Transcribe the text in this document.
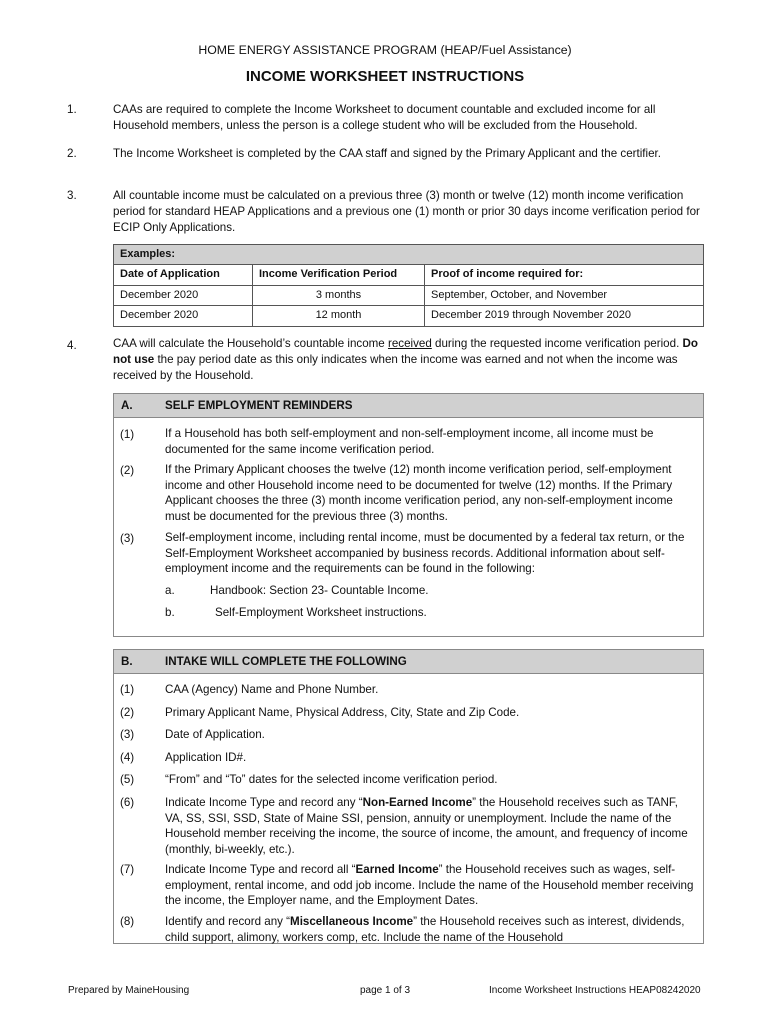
HOME ENERGY ASSISTANCE PROGRAM (HEAP/Fuel Assistance)
INCOME WORKSHEET INSTRUCTIONS
1.	CAAs are required to complete the Income Worksheet to document countable and excluded income for all Household members, unless the person is a college student who will be excluded from the Household.
2.	The Income Worksheet is completed by the CAA staff and signed by the Primary Applicant and the certifier.
3.	All countable income must be calculated on a previous three (3) month or twelve (12) month income verification period for standard HEAP Applications and a previous one (1) month or prior 30 days income verification period for ECIP Only Applications.
Examples:
Date of Application	Income Verification Period	Proof of income required for:
December 2020	3 months	September, October, and November
December 2020	12 month	December 2019 through November 2020
4.	CAA will calculate the Household’s countable income received during the requested income verification period. Do not use the pay period date as this only indicates when the income was earned and not when the income was received by the Household.
A.	SELF EMPLOYMENT REMINDERS
(1)	If a Household has both self-employment and non-self-employment income, all income must be documented for the same income verification period.
(2)	If the Primary Applicant chooses the twelve (12) month income verification period, self-employment income and other Household income need to be documented for twelve (12) months. If the Primary Applicant chooses the three (3) month income verification period, any non-self-employment income must be documented for the previous three (3) months.
(3)	Self-employment income, including rental income, must be documented by a federal tax return, or the Self-Employment Worksheet accompanied by business records. Additional information about self-employment income and the requirements can be found in the following:
a.	Handbook: Section 23- Countable Income.
b.	Self-Employment Worksheet instructions.
B.	INTAKE WILL COMPLETE THE FOLLOWING
(1)	CAA (Agency) Name and Phone Number.
(2)	Primary Applicant Name, Physical Address, City, State and Zip Code.
(3)	Date of Application.
(4)	Application ID#.
(5)	“From” and “To” dates for the selected income verification period.
(6)	Indicate Income Type and record any “Non-Earned Income” the Household receives such as TANF, VA, SS, SSI, SSD, State of Maine SSI, pension, annuity or unemployment. Include the name of the Household member receiving the income, the source of income, the amount, and frequency of income (monthly, bi-weekly, etc.).
(7)	Indicate Income Type and record all “Earned Income” the Household receives such as wages, self-employment, rental income, and odd job income. Include the name of the Household member receiving the income, the Employer name, and the Employment Dates.
(8)	Identify and record any “Miscellaneous Income” the Household receives such as interest, dividends, child support, alimony, workers comp, etc. Include the name of the Household
Prepared by MaineHousing	page 1 of 3	Income Worksheet Instructions HEAP08242020
